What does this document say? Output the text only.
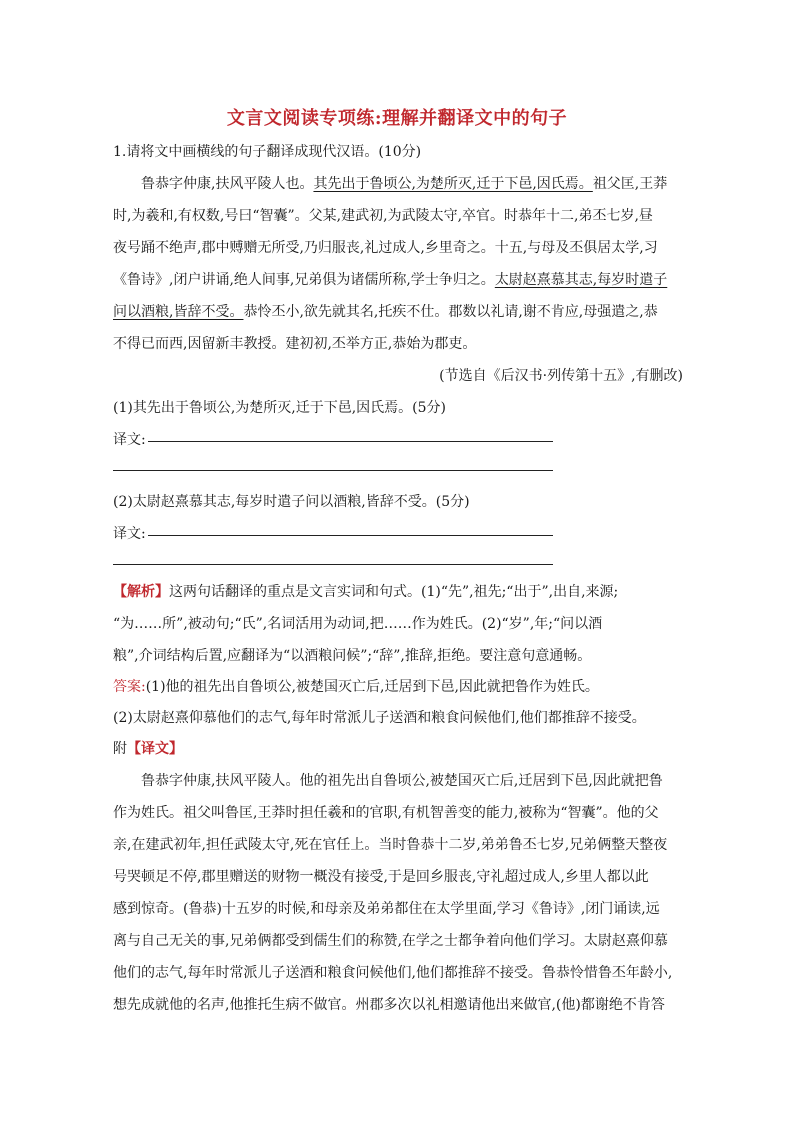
文言文阅读专项练:理解并翻译文中的句子
1.请将文中画横线的句子翻译成现代汉语。(10分)
鲁恭字仲康,扶风平陵人也。其先出于鲁顷公,为楚所灭,迁于下邑,因氏焉。祖父匡,王莽
时,为羲和,有权数,号曰“智囊”。父某,建武初,为武陵太守,卒官。时恭年十二,弟丕七岁,昼
夜号踊不绝声,郡中赙赠无所受,乃归服丧,礼过成人,乡里奇之。十五,与母及丕俱居太学,习
《鲁诗》,闭户讲诵,绝人间事,兄弟俱为诸儒所称,学士争归之。太尉赵熹慕其志,每岁时遣子
问以酒粮,皆辞不受。恭怜丕小,欲先就其名,托疾不仕。郡数以礼请,谢不肯应,母强遣之,恭
不得已而西,因留新丰教授。建初初,丕举方正,恭始为郡吏。
(节选自《后汉书·列传第十五》,有删改)
(1)其先出于鲁顷公,为楚所灭,迁于下邑,因氏焉。(5分)
译文:
(2)太尉赵熹慕其志,每岁时遣子问以酒粮,皆辞不受。(5分)
译文:
【解析】这两句话翻译的重点是文言实词和句式。(1)“先”,祖先;“出于”,出自,来源;
“为……所”,被动句;“氏”,名词活用为动词,把……作为姓氏。(2)“岁”,年;“问以酒
粮”,介词结构后置,应翻译为“以酒粮问候”;“辞”,推辞,拒绝。要注意句意通畅。
答案:(1)他的祖先出自鲁顷公,被楚国灭亡后,迁居到下邑,因此就把鲁作为姓氏。
(2)太尉赵熹仰慕他们的志气,每年时常派儿子送酒和粮食问候他们,他们都推辞不接受。
附【译文】
鲁恭字仲康,扶风平陵人。他的祖先出自鲁顷公,被楚国灭亡后,迁居到下邑,因此就把鲁
作为姓氏。祖父叫鲁匡,王莽时担任羲和的官职,有机智善变的能力,被称为“智囊”。他的父
亲,在建武初年,担任武陵太守,死在官任上。当时鲁恭十二岁,弟弟鲁丕七岁,兄弟俩整天整夜
号哭顿足不停,郡里赠送的财物一概没有接受,于是回乡服丧,守礼超过成人,乡里人都以此
感到惊奇。(鲁恭)十五岁的时候,和母亲及弟弟都住在太学里面,学习《鲁诗》,闭门诵读,远
离与自己无关的事,兄弟俩都受到儒生们的称赞,在学之士都争着向他们学习。太尉赵熹仰慕
他们的志气,每年时常派儿子送酒和粮食问候他们,他们都推辞不接受。鲁恭怜惜鲁丕年龄小,
想先成就他的名声,他推托生病不做官。州郡多次以礼相邀请他出来做官,(他)都谢绝不肯答
